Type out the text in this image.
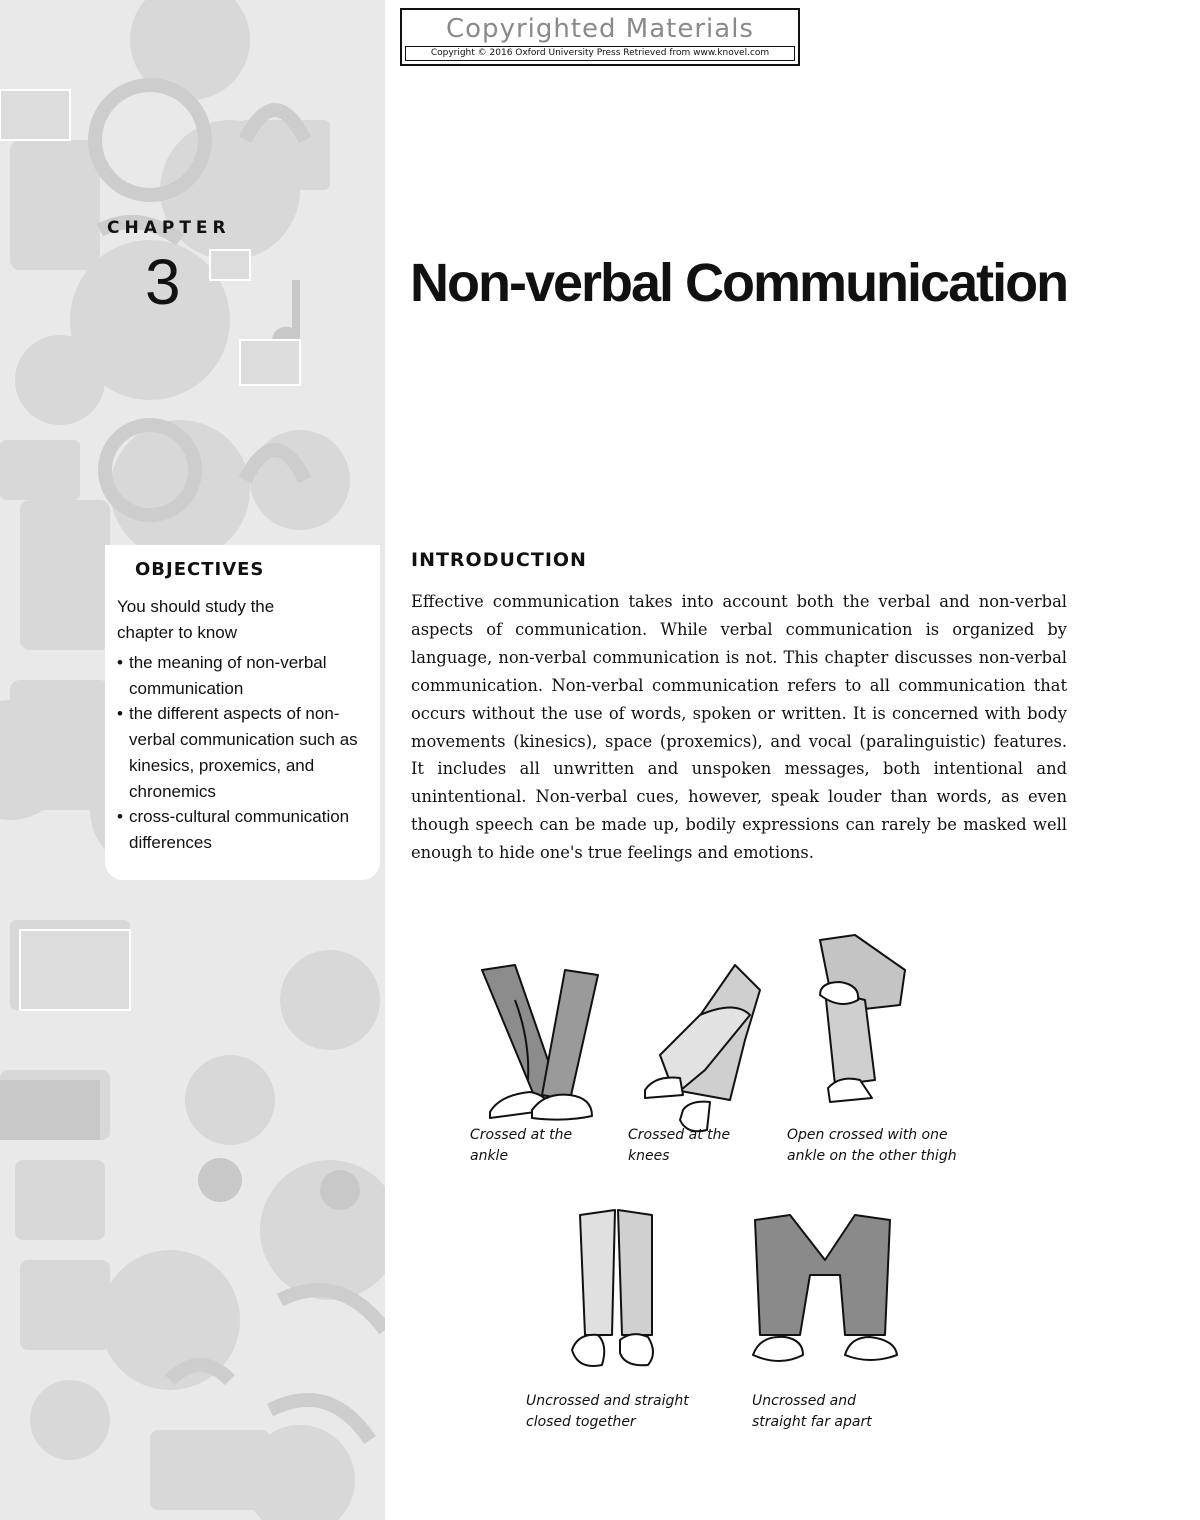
Copyrighted Materials
Copyright © 2016 Oxford University Press Retrieved from www.knovel.com
CHAPTER
3	Non-verbal Communication
OBJECTIVES
You should study the chapter to know
• the meaning of non-verbal communication
• the different aspects of non-verbal communication such as kinesics, proxemics, and chronemics
• cross-cultural communication differences
INTRODUCTION

Effective communication takes into account both the verbal and non-verbal aspects of communication. While verbal communication is organized by language, non-verbal communication is not. This chapter discusses non-verbal communication. Non-verbal communication refers to all communication that occurs without the use of words, spoken or written. It is concerned with body movements (kinesics), space (proxemics), and vocal (paralinguistic) features. It includes all unwritten and unspoken messages, both intentional and unintentional. Non-verbal cues, however, speak louder than words, as even though speech can be made up, bodily expressions can rarely be masked well enough to hide one's true feelings and emotions.

Crossed at the ankle
Crossed at the knees
Open crossed with one ankle on the other thigh
Uncrossed and straight closed together
Uncrossed and straight far apart
